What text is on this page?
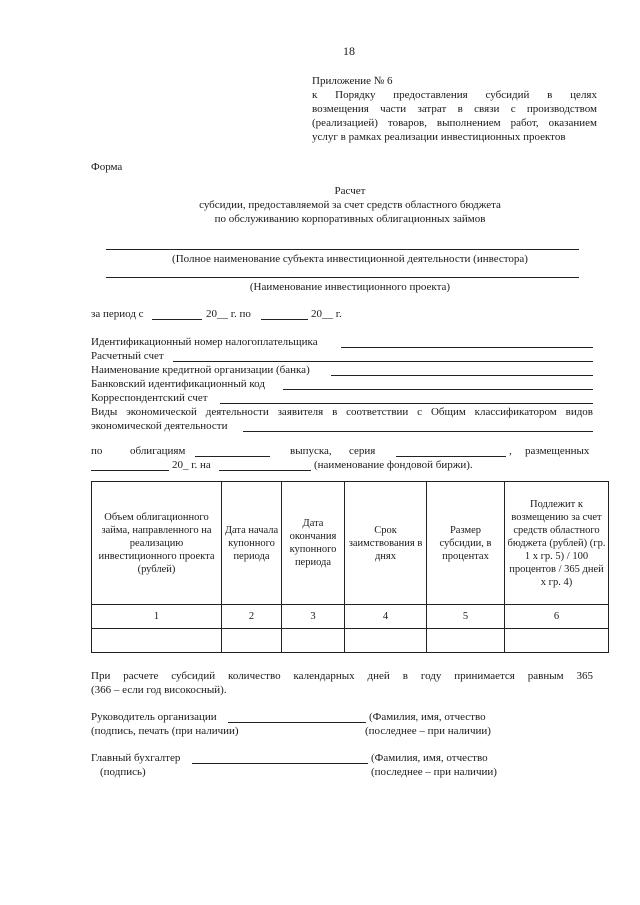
18
Приложение № 6
к Порядку предоставления субсидий в целях
возмещения части затрат в связи с производством
(реализацией) товаров, выполнением работ, оказанием
услуг в рамках реализации инвестиционных проектов
Форма
Расчет
субсидии, предоставляемой за счет средств областного бюджета
по обслуживанию корпоративных облигационных займов
(Полное наименование субъекта инвестиционной деятельности (инвестора)
(Наименование инвестиционного проекта)
за период с	20__ г. по	20__ г.
Идентификационный номер налогоплательщика
Расчетный счет
Наименование кредитной организации (банка)
Банковский идентификационный код
Корреспондентский счет
Виды экономической деятельности заявителя в соответствии с Общим классификатором видов
экономической деятельности
по	облигациям	выпуска, серия	, размещенных
20_ г. на	(наименование фондовой биржи).
Объем облигационного займа, направленного на реализацию инвестиционного проекта (рублей)	Дата начала купонного периода	Дата окончания купонного периода	Срок заимствования в днях	Размер субсидии, в процентах	Подлежит к возмещению за счет средств областного бюджета (рублей) (гр. 1 x гр. 5) / 100 процентов / 365 дней x гр. 4)
1	2	3	4	5	6

При расчете субсидий количество календарных дней в году принимается равным 365
(366 – если год високосный).
Руководитель организации	(Фамилия, имя, отчество
(подпись, печать (при наличии)	(последнее – при наличии)
Главный бухгалтер	(Фамилия, имя, отчество
(подпись)	(последнее – при наличии)
